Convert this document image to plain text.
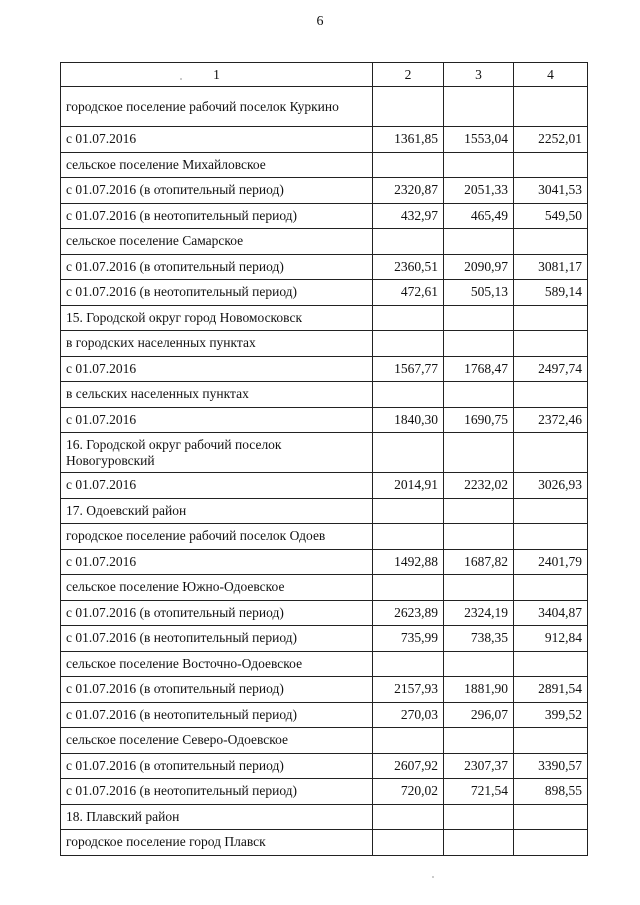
6
1	2	3	4
городское поселение рабочий поселок Куркино			
с 01.07.2016	1361,85	1553,04	2252,01
сельское поселение Михайловское			
с 01.07.2016 (в отопительный период)	2320,87	2051,33	3041,53
с 01.07.2016 (в неотопительный период)	432,97	465,49	549,50
сельское поселение Самарское			
с 01.07.2016 (в отопительный период)	2360,51	2090,97	3081,17
с 01.07.2016 (в неотопительный период)	472,61	505,13	589,14
15. Городской округ город Новомосковск			
в городских населенных пунктах			
с 01.07.2016	1567,77	1768,47	2497,74
в сельских населенных пунктах			
с 01.07.2016	1840,30	1690,75	2372,46
16. Городской округ рабочий поселок Новогуровский			
с 01.07.2016	2014,91	2232,02	3026,93
17. Одоевский район			
городское поселение рабочий поселок Одоев			
с 01.07.2016	1492,88	1687,82	2401,79
сельское поселение Южно-Одоевское			
с 01.07.2016 (в отопительный период)	2623,89	2324,19	3404,87
с 01.07.2016 (в неотопительный период)	735,99	738,35	912,84
сельское поселение Восточно-Одоевское			
с 01.07.2016 (в отопительный период)	2157,93	1881,90	2891,54
с 01.07.2016 (в неотопительный период)	270,03	296,07	399,52
сельское поселение Северо-Одоевское			
с 01.07.2016 (в отопительный период)	2607,92	2307,37	3390,57
с 01.07.2016 (в неотопительный период)	720,02	721,54	898,55
18. Плавский район			
городское поселение город Плавск			
